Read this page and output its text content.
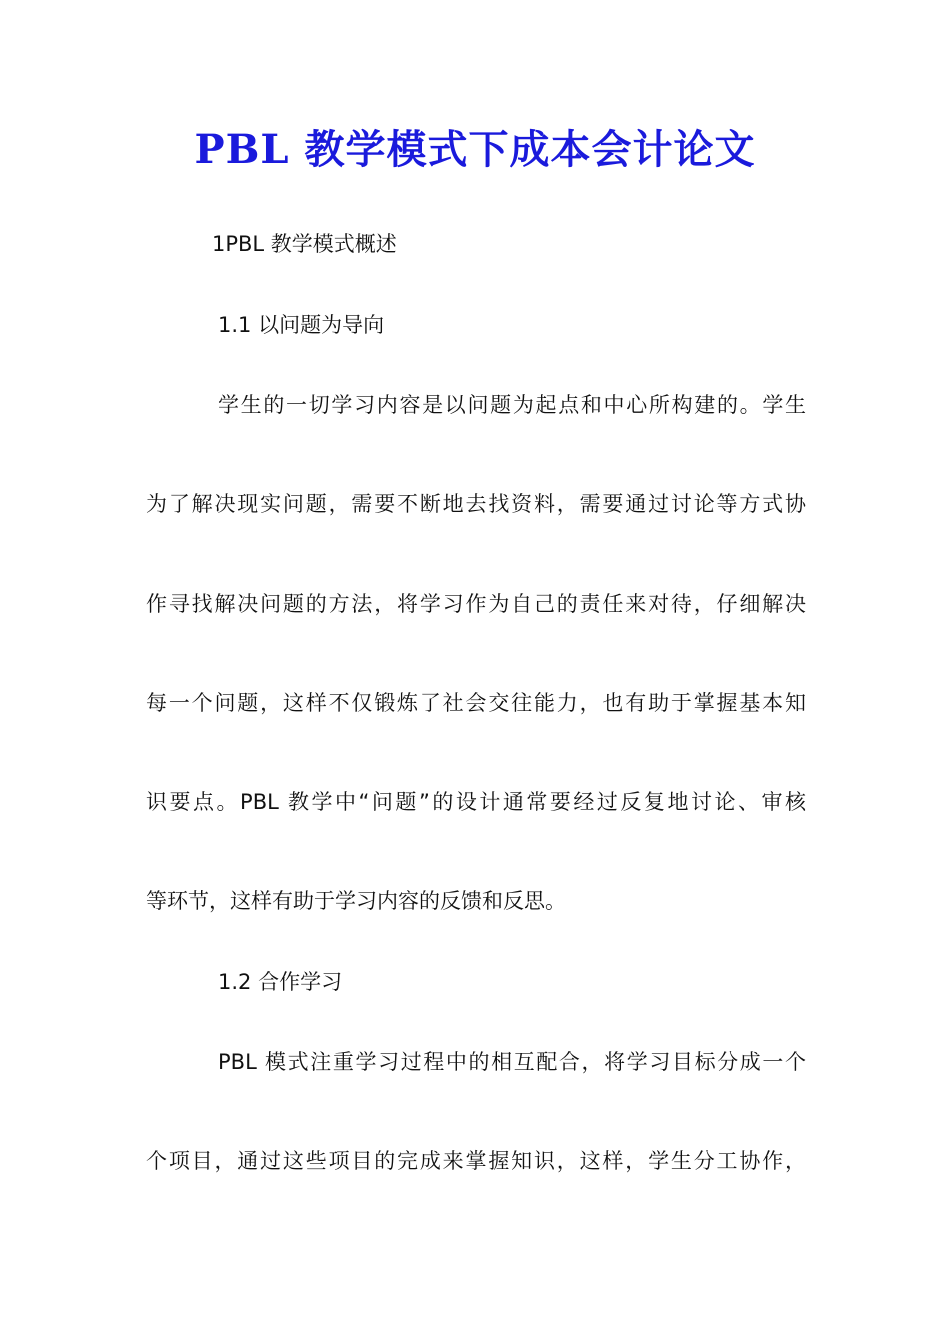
PBL 教学模式下成本会计论文

1PBL 教学模式概述

1.1 以问题为导向

学生的一切学习内容是以问题为起点和中心所构建的。学生

为了解决现实问题，需要不断地去找资料，需要通过讨论等方式协

作寻找解决问题的方法，将学习作为自己的责任来对待，仔细解决

每一个问题，这样不仅锻炼了社会交往能力，也有助于掌握基本知

识要点。PBL 教学中“问题”的设计通常要经过反复地讨论、审核

等环节，这样有助于学习内容的反馈和反思。

1.2 合作学习

PBL 模式注重学习过程中的相互配合，将学习目标分成一个

个项目，通过这些项目的完成来掌握知识，这样，学生分工协作，
